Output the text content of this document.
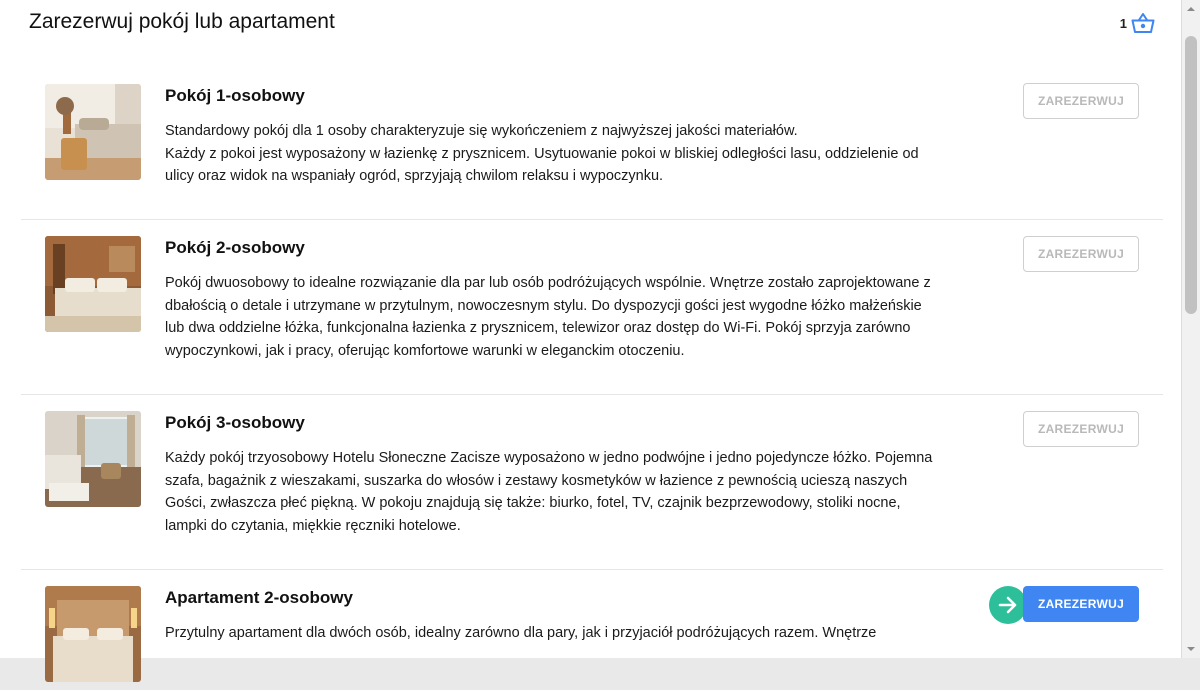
Zarezerwuj pokój lub apartament	1
Pokój 1-osobowy
Standardowy pokój dla 1 osoby charakteryzuje się wykończeniem z najwyższej jakości materiałów.
Każdy z pokoi jest wyposażony w łazienkę z prysznicem. Usytuowanie pokoi w bliskiej odległości lasu, oddzielenie od ulicy oraz widok na wspaniały ogród, sprzyjają chwilom relaksu i wypoczynku.
ZAREZERWUJ
Pokój 2-osobowy
Pokój dwuosobowy to idealne rozwiązanie dla par lub osób podróżujących wspólnie. Wnętrze zostało zaprojektowane z dbałością o detale i utrzymane w przytulnym, nowoczesnym stylu. Do dyspozycji gości jest wygodne łóżko małżeńskie lub dwa oddzielne łóżka, funkcjonalna łazienka z prysznicem, telewizor oraz dostęp do Wi-Fi. Pokój sprzyja zarówno wypoczynkowi, jak i pracy, oferując komfortowe warunki w eleganckim otoczeniu.
ZAREZERWUJ
Pokój 3-osobowy
Każdy pokój trzyosobowy Hotelu Słoneczne Zacisze wyposażono w jedno podwójne i jedno pojedyncze łóżko. Pojemna szafa, bagażnik z wieszakami, suszarka do włosów i zestawy kosmetyków w łazience z pewnością ucieszą naszych Gości, zwłaszcza płeć piękną. W pokoju znajdują się także: biurko, fotel, TV, czajnik bezprzewodowy, stoliki nocne, lampki do czytania, miękkie ręczniki hotelowe.
ZAREZERWUJ
Apartament 2-osobowy
Przytulny apartament dla dwóch osób, idealny zarówno dla pary, jak i przyjaciół podróżujących razem. Wnętrze
ZAREZERWUJ
